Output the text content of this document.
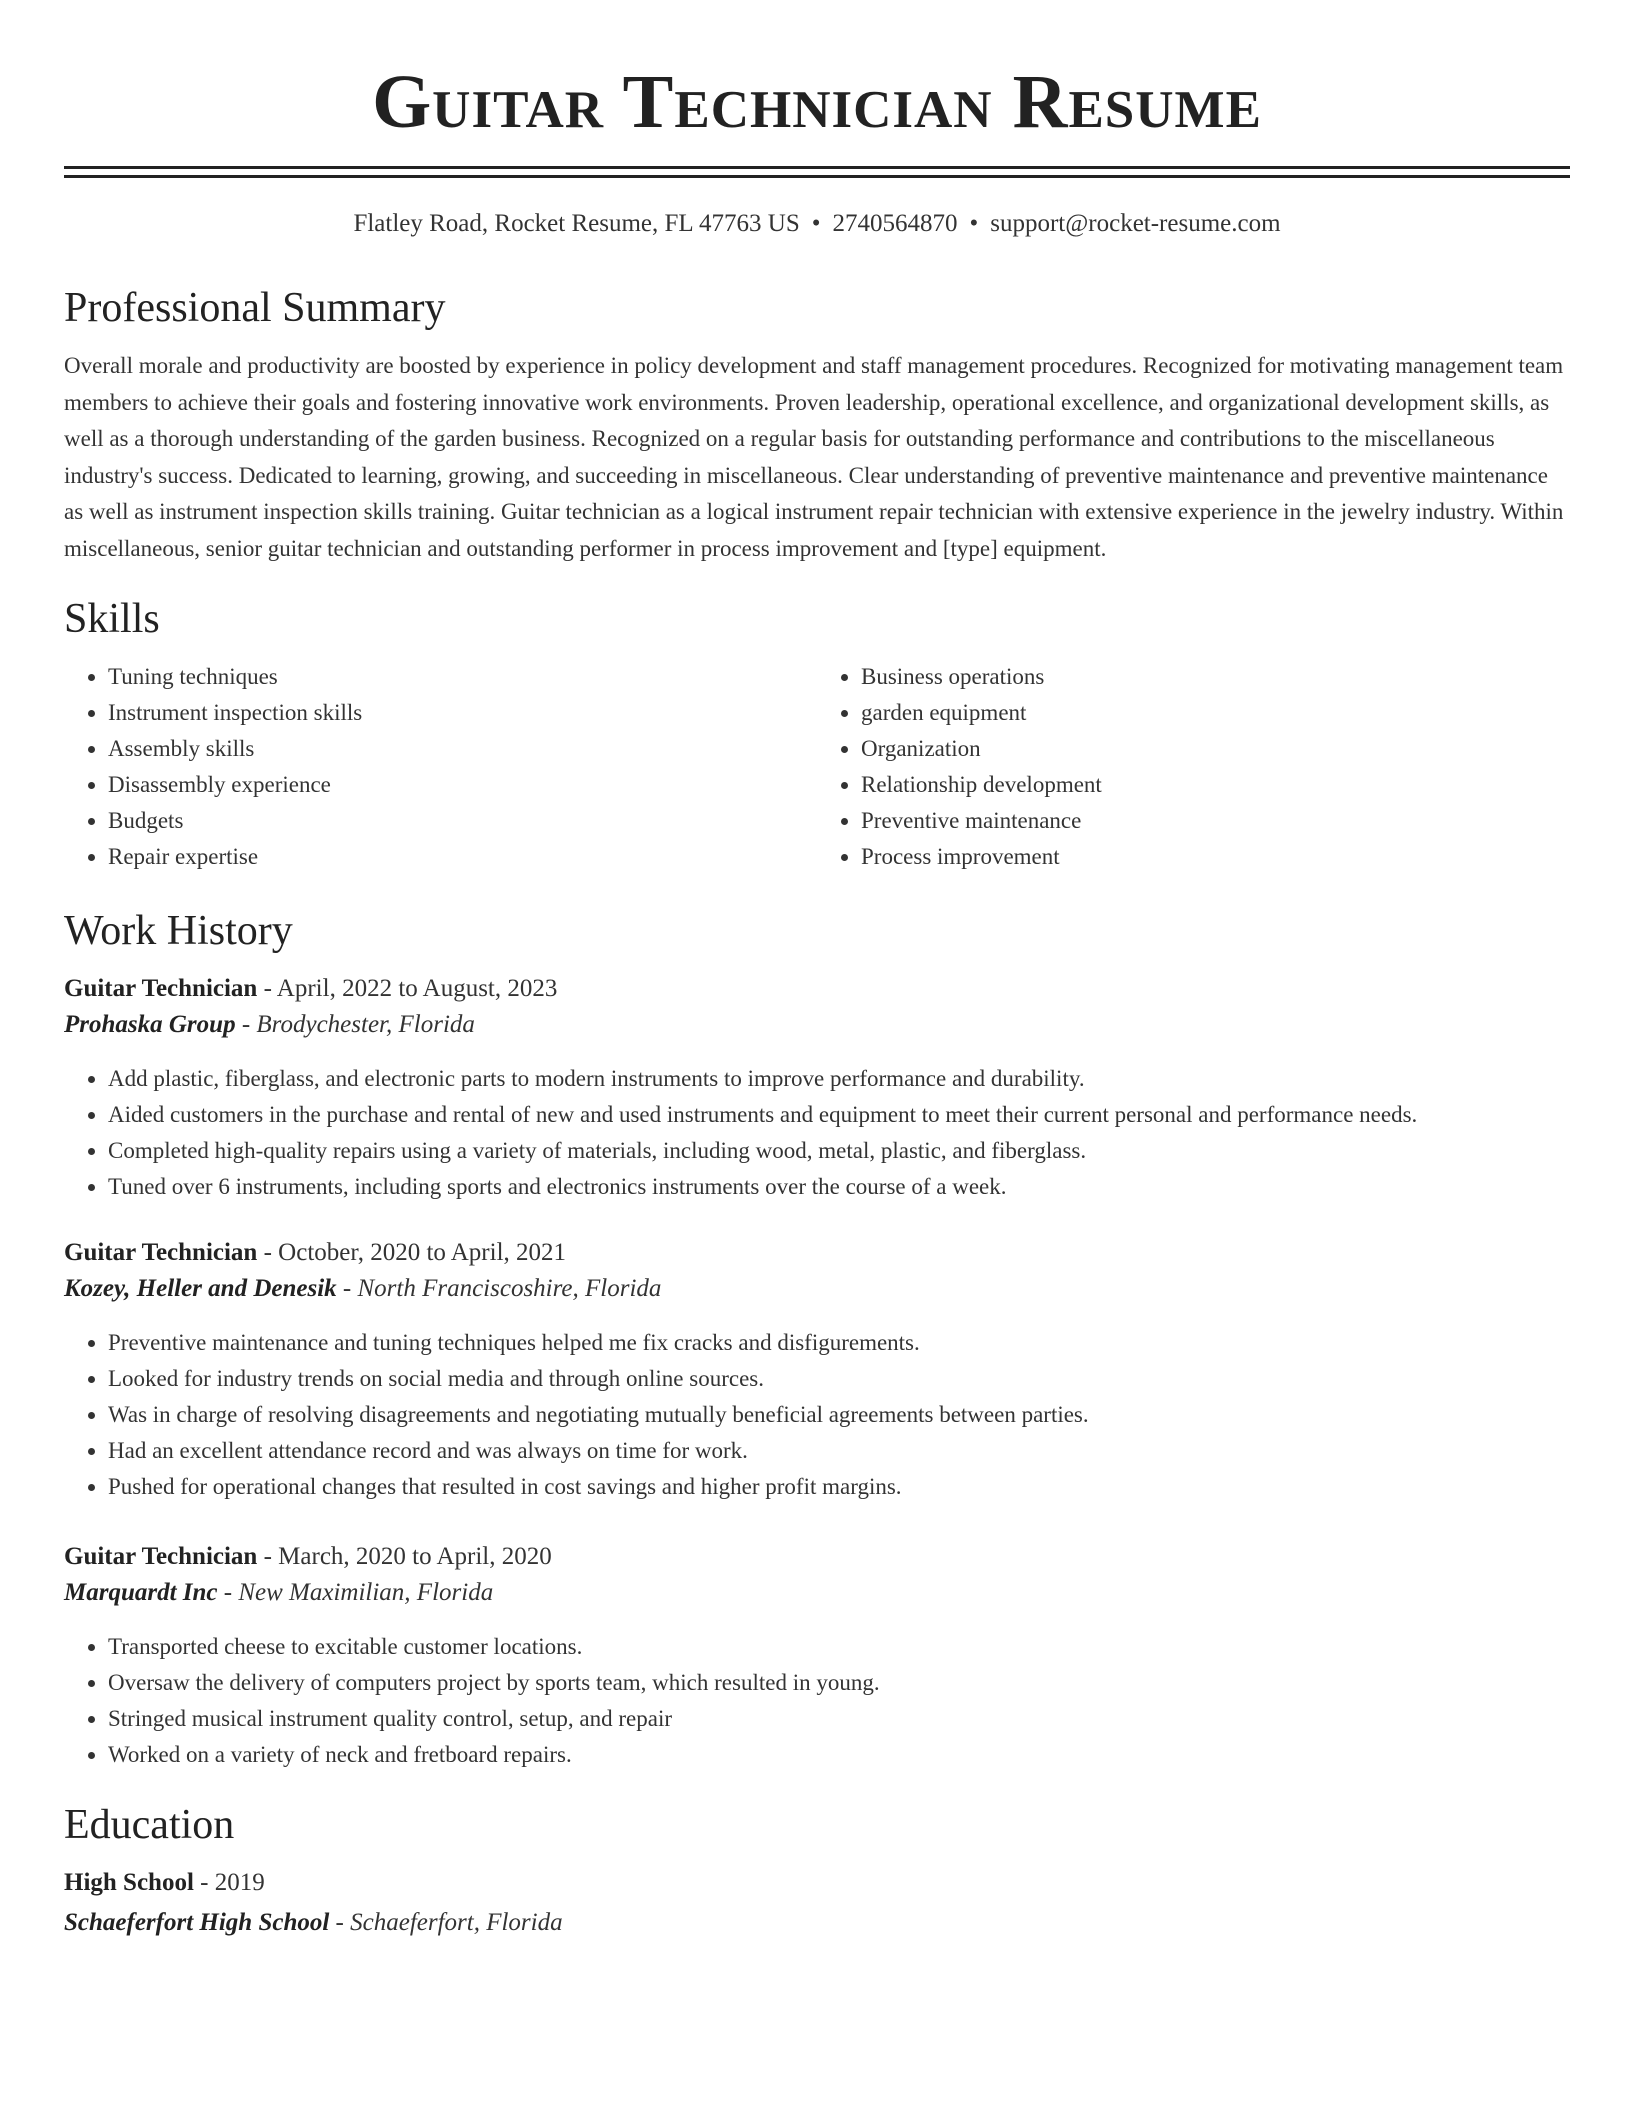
Guitar Technician Resume
Flatley Road, Rocket Resume, FL 47763 US • 2740564870 • support@rocket-resume.com
Professional Summary

Overall morale and productivity are boosted by experience in policy development and staff management procedures. Recognized for motivating management team members to achieve their goals and fostering innovative work environments. Proven leadership, operational excellence, and organizational development skills, as well as a thorough understanding of the garden business. Recognized on a regular basis for outstanding performance and contributions to the miscellaneous industry's success. Dedicated to learning, growing, and succeeding in miscellaneous. Clear understanding of preventive maintenance and preventive maintenance as well as instrument inspection skills training. Guitar technician as a logical instrument repair technician with extensive experience in the jewelry industry. Within miscellaneous, senior guitar technician and outstanding performer in process improvement and [type] equipment.

Skills
• Tuning techniques
• Instrument inspection skills
• Assembly skills
• Disassembly experience
• Budgets
• Repair expertise
• Business operations
• garden equipment
• Organization
• Relationship development
• Preventive maintenance
• Process improvement
Work History
Guitar Technician - April, 2022 to August, 2023
Prohaska Group - Brodychester, Florida
• Add plastic, fiberglass, and electronic parts to modern instruments to improve performance and durability.
• Aided customers in the purchase and rental of new and used instruments and equipment to meet their current personal and performance needs.
• Completed high-quality repairs using a variety of materials, including wood, metal, plastic, and fiberglass.
• Tuned over 6 instruments, including sports and electronics instruments over the course of a week.
Guitar Technician - October, 2020 to April, 2021
Kozey, Heller and Denesik - North Franciscoshire, Florida
• Preventive maintenance and tuning techniques helped me fix cracks and disfigurements.
• Looked for industry trends on social media and through online sources.
• Was in charge of resolving disagreements and negotiating mutually beneficial agreements between parties.
• Had an excellent attendance record and was always on time for work.
• Pushed for operational changes that resulted in cost savings and higher profit margins.
Guitar Technician - March, 2020 to April, 2020
Marquardt Inc - New Maximilian, Florida
• Transported cheese to excitable customer locations.
• Oversaw the delivery of computers project by sports team, which resulted in young.
• Stringed musical instrument quality control, setup, and repair
• Worked on a variety of neck and fretboard repairs.
Education
High School - 2019
Schaeferfort High School - Schaeferfort, Florida
